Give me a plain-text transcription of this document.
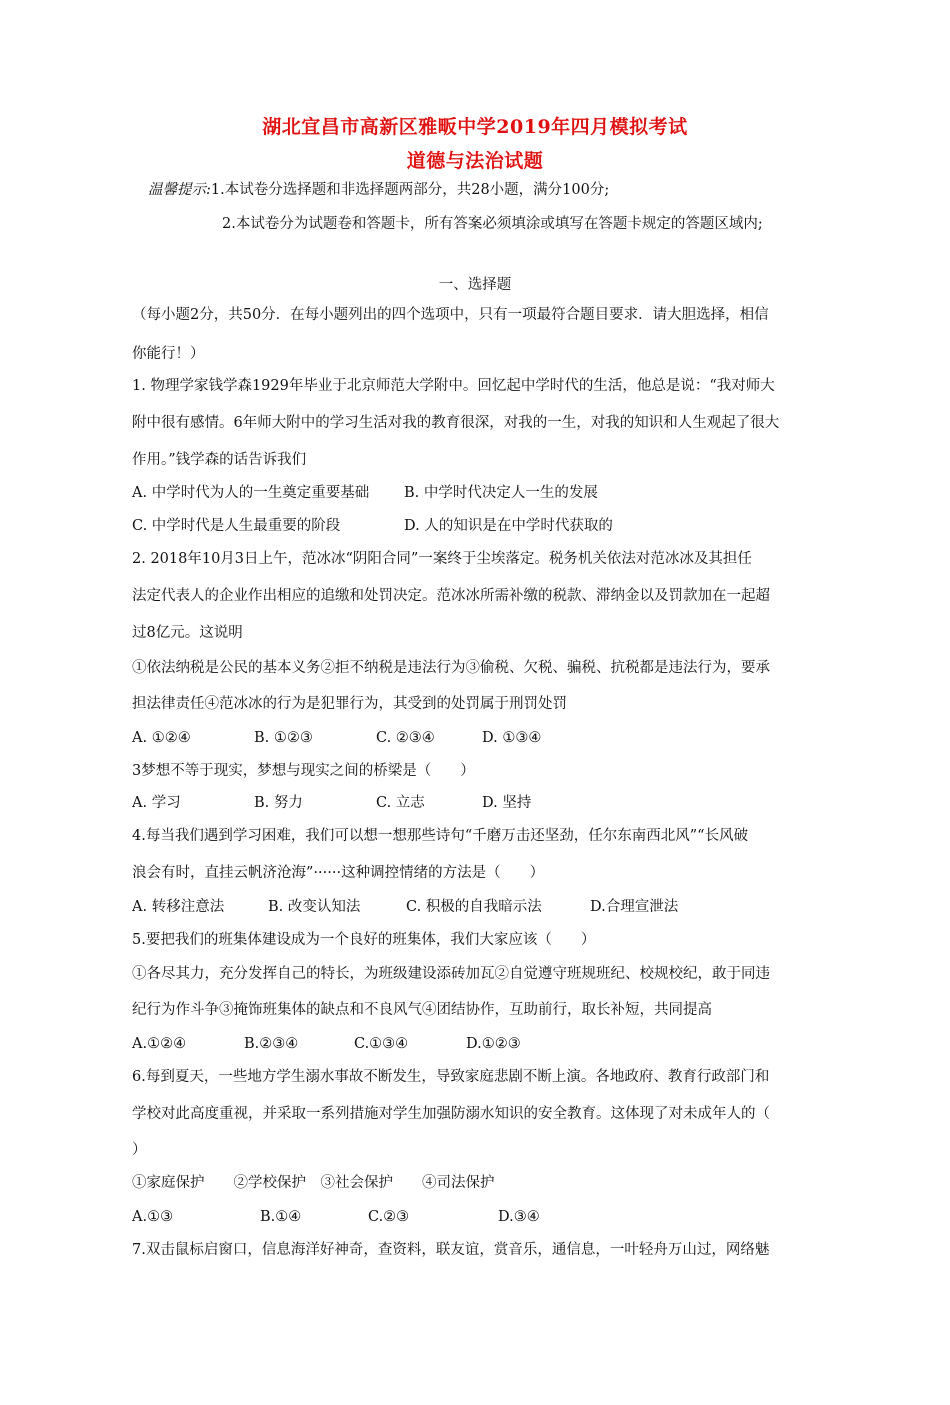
湖北宜昌市高新区雅畈中学2019年四月模拟考试
道德与法治试题
温馨提示:1.本试卷分选择题和非选择题两部分，共28小题，满分100分;
2.本试卷分为试题卷和答题卡，所有答案必须填涂或填写在答题卡规定的答题区域内;
一、选择题
（每小题2分，共50分．在每小题列出的四个选项中，只有一项最符合题目要求．请大胆选择，相信
你能行！）
1. 物理学家钱学森1929年毕业于北京师范大学附中。回忆起中学时代的生活，他总是说：“我对师大
附中很有感情。6年师大附中的学习生活对我的教育很深，对我的一生，对我的知识和人生观起了很大
作用。”钱学森的话告诉我们
A. 中学时代为人的一生奠定重要基础 B. 中学时代决定人一生的发展
C. 中学时代是人生最重要的阶段	D. 人的知识是在中学时代获取的
2. 2018年10月3日上午，范冰冰“阴阳合同”一案终于尘埃落定。税务机关依法对范冰冰及其担任
法定代表人的企业作出相应的追缴和处罚决定。范冰冰所需补缴的税款、滞纳金以及罚款加在一起超
过8亿元。这说明
①依法纳税是公民的基本义务②拒不纳税是违法行为③偷税、欠税、骗税、抗税都是违法行为，要承
担法律责任④范冰冰的行为是犯罪行为，其受到的处罚属于刑罚处罚
A. ①②④	B. ①②③	C. ②③④	D. ①③④
3梦想不等于现实，梦想与现实之间的桥梁是（　　）
A. 学习	B. 努力	C. 立志	D. 坚持
4.每当我们遇到学习困难，我们可以想一想那些诗句“千磨万击还坚劲，任尔东南西北风”“长风破
浪会有时，直挂云帆济沧海”······这种调控情绪的方法是（　　）
A. 转移注意法	B. 改变认知法	C. 积极的自我暗示法	D.合理宣泄法
5.要把我们的班集体建设成为一个良好的班集体，我们大家应该（　　）
①各尽其力，充分发挥自己的特长，为班级建设添砖加瓦②自觉遵守班规班纪、校规校纪，敢于同违
纪行为作斗争③掩饰班集体的缺点和不良风气④团结协作，互助前行，取长补短，共同提高
A.①②④	B.②③④	C.①③④	D.①②③
6.每到夏天，一些地方学生溺水事故不断发生，导致家庭悲剧不断上演。各地政府、教育行政部门和
学校对此高度重视，并采取一系列措施对学生加强防溺水知识的安全教育。这体现了对未成年人的（
）
①家庭保护　　②学校保护　③社会保护　　④司法保护
A.①③	B.①④	C.②③	D.③④
7.双击鼠标启窗口，信息海洋好神奇，查资料，联友谊，赏音乐，通信息，一叶轻舟万山过，网络魅
